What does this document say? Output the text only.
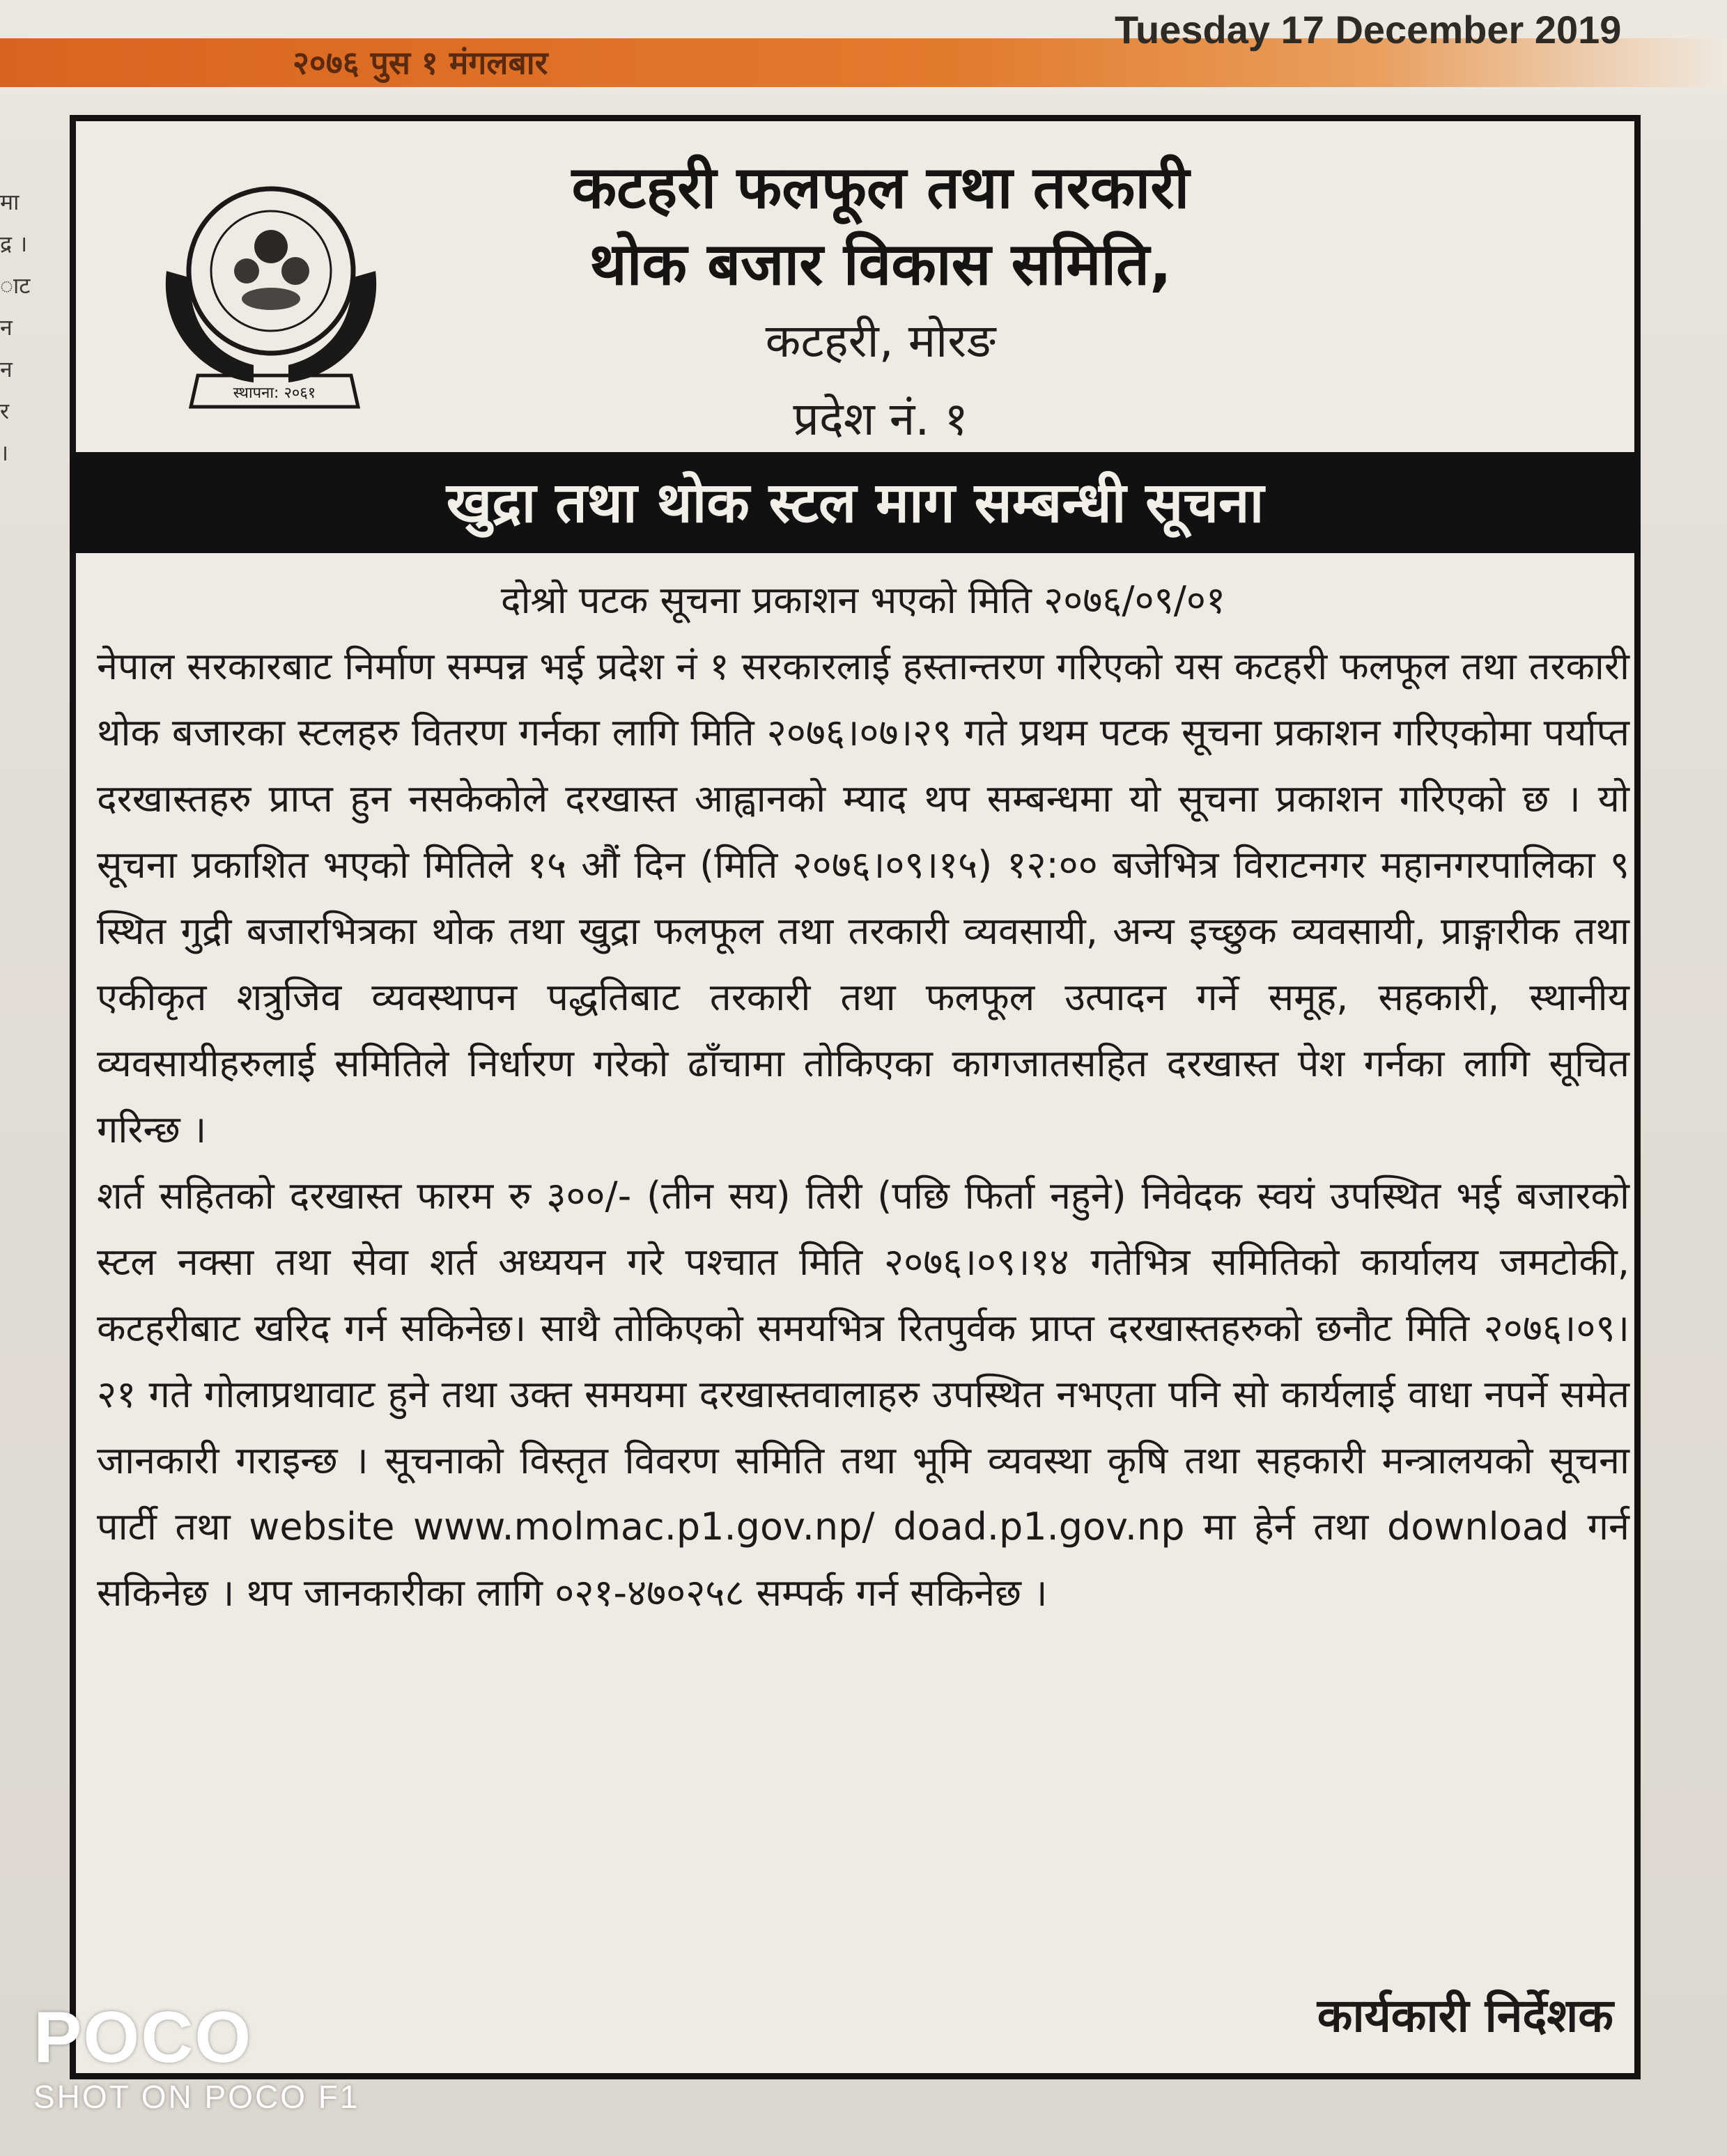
२०७६ पुस १ मंगलबार
Tuesday 17 December 2019
मा
द्र ।
ाट
न
न
र
।
स्थापना: २०६१
कटहरी फलफूल तथा तरकारी
थोक बजार विकास समिति,
कटहरी, मोरङ
प्रदेश नं. १
खुद्रा तथा थोक स्टल माग सम्बन्धी सूचना

दोश्रो पटक सूचना प्रकाशन भएको मिति २०७६/०९/०१

नेपाल सरकारबाट निर्माण सम्पन्न भई प्रदेश नं १ सरकारलाई हस्तान्तरण गरिएको यस कटहरी फलफूल तथा तरकारी थोक बजारका स्टलहरु वितरण गर्नका लागि मिति २०७६।०७।२९ गते प्रथम पटक सूचना प्रकाशन गरिएकोमा पर्याप्त दरखास्तहरु प्राप्त हुन नसकेकोले दरखास्त आह्वानको म्याद थप सम्बन्धमा यो सूचना प्रकाशन गरिएको छ । यो सूचना प्रकाशित भएको मितिले १५ औं दिन (मिति २०७६।०९।१५) १२:०० बजेभित्र विराटनगर महानगरपालिका ९ स्थित गुद्री बजारभित्रका थोक तथा खुद्रा फलफूल तथा तरकारी व्यवसायी, अन्य इच्छुक व्यवसायी, प्राङ्गारीक तथा एकीकृत शत्रुजिव व्यवस्थापन पद्धतिबाट तरकारी तथा फलफूल उत्पादन गर्ने समूह, सहकारी, स्थानीय व्यवसायीहरुलाई समितिले निर्धारण गरेको ढाँचामा तोकिएका कागजातसहित दरखास्त पेश गर्नका लागि सूचित गरिन्छ ।

शर्त सहितको दरखास्त फारम रु ३००/- (तीन सय) तिरी (पछि फिर्ता नहुने) निवेदक स्वयं उपस्थित भई बजारको स्टल नक्सा तथा सेवा शर्त अध्ययन गरे पश्चात मिति २०७६।०९।१४ गतेभित्र समितिको कार्यालय जमटोकी, कटहरीबाट खरिद गर्न सकिनेछ। साथै तोकिएको समयभित्र रितपुर्वक प्राप्त दरखास्तहरुको छनौट मिति २०७६।०९।२१ गते गोलाप्रथावाट हुने तथा उक्त समयमा दरखास्तवालाहरु उपस्थित नभएता पनि सो कार्यलाई वाधा नपर्ने समेत जानकारी गराइन्छ । सूचनाको विस्तृत विवरण समिति तथा भूमि व्यवस्था कृषि तथा सहकारी मन्त्रालयको सूचना पार्टी तथा website www.molmac.p1.gov.np/ doad.p1.gov.np मा हेर्न तथा download गर्न सकिनेछ । थप जानकारीका लागि ०२१-४७०२५८ सम्पर्क गर्न सकिनेछ ।

कार्यकारी निर्देशक
POCO
SHOT ON POCO F1
